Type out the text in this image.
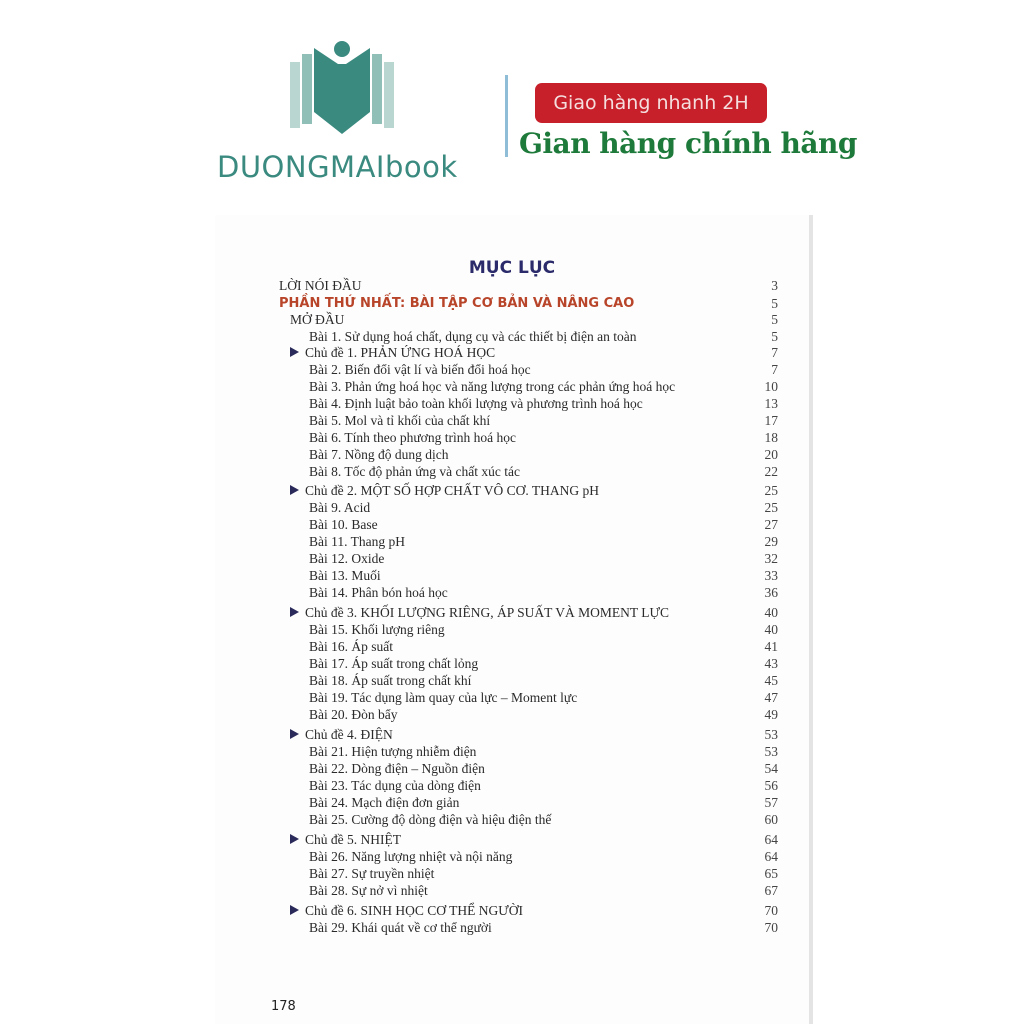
DUONGMAIbook
Giao hàng nhanh 2H
Gian hàng chính hãng
MỤC LỤC
LỜI NÓI ĐẦU	3
PHẦN THỨ NHẤT: BÀI TẬP CƠ BẢN VÀ NÂNG CAO	5
MỞ ĐẦU	5
Bài 1. Sử dụng hoá chất, dụng cụ và các thiết bị điện an toàn	5
Chủ đề 1. PHẢN ỨNG HOÁ HỌC	7
Bài 2. Biến đổi vật lí và biến đổi hoá học	7
Bài 3. Phản ứng hoá học và năng lượng trong các phản ứng hoá học	10
Bài 4. Định luật bảo toàn khối lượng và phương trình hoá học	13
Bài 5. Mol và tỉ khối của chất khí	17
Bài 6. Tính theo phương trình hoá học	18
Bài 7. Nồng độ dung dịch	20
Bài 8. Tốc độ phản ứng và chất xúc tác	22
Chủ đề 2. MỘT SỐ HỢP CHẤT VÔ CƠ. THANG pH	25
Bài 9. Acid	25
Bài 10. Base	27
Bài 11. Thang pH	29
Bài 12. Oxide	32
Bài 13. Muối	33
Bài 14. Phân bón hoá học	36
Chủ đề 3. KHỐI LƯỢNG RIÊNG, ÁP SUẤT VÀ MOMENT LỰC	40
Bài 15. Khối lượng riêng	40
Bài 16. Áp suất	41
Bài 17. Áp suất trong chất lỏng	43
Bài 18. Áp suất trong chất khí	45
Bài 19. Tác dụng làm quay của lực – Moment lực	47
Bài 20. Đòn bẩy	49
Chủ đề 4. ĐIỆN	53
Bài 21. Hiện tượng nhiễm điện	53
Bài 22. Dòng điện – Nguồn điện	54
Bài 23. Tác dụng của dòng điện	56
Bài 24. Mạch điện đơn giản	57
Bài 25. Cường độ dòng điện và hiệu điện thế	60
Chủ đề 5. NHIỆT	64
Bài 26. Năng lượng nhiệt và nội năng	64
Bài 27. Sự truyền nhiệt	65
Bài 28. Sự nở vì nhiệt	67
Chủ đề 6. SINH HỌC CƠ THỂ NGƯỜI	70
Bài 29. Khái quát về cơ thể người	70
178
